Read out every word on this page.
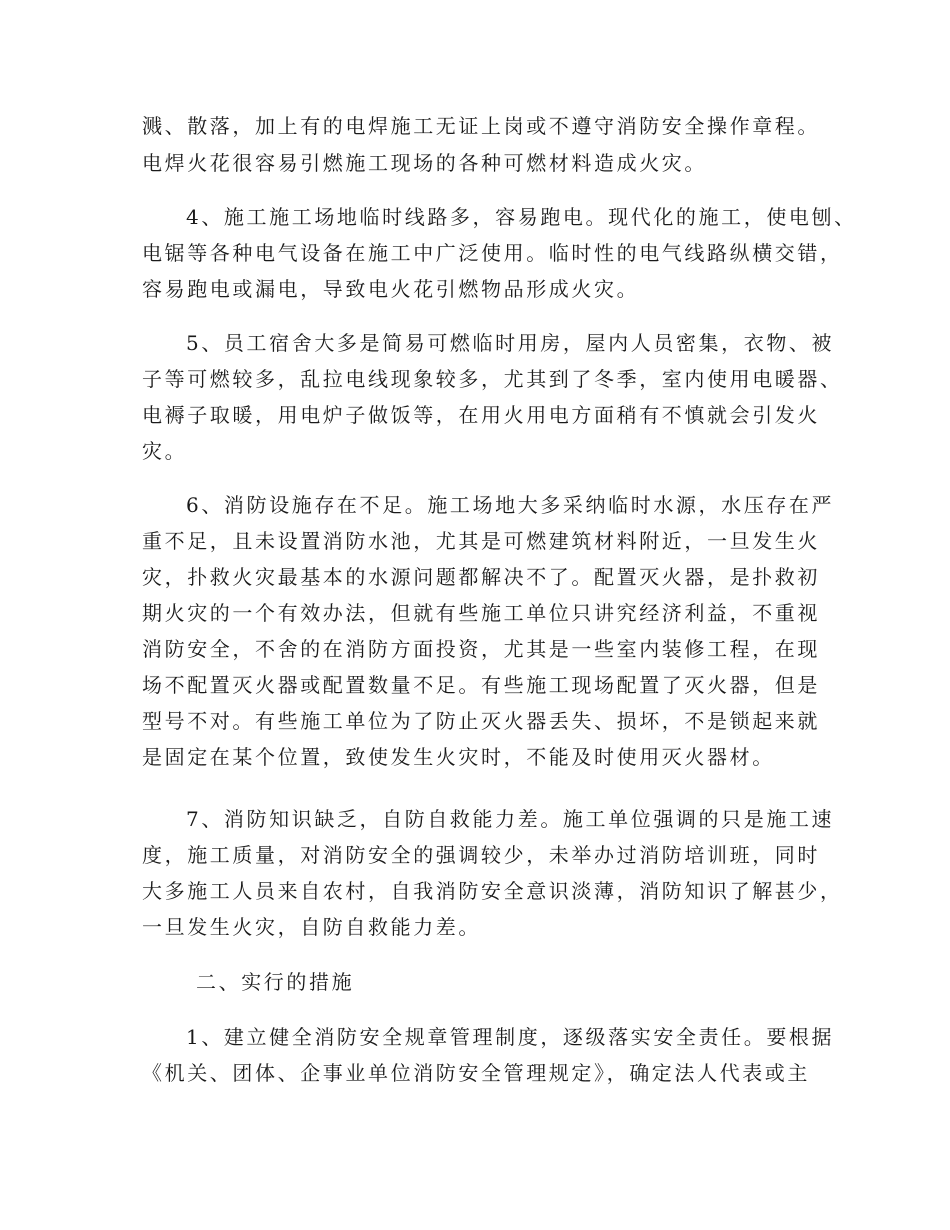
溅、散落，加上有的电焊施工无证上岗或不遵守消防安全操作章程。

电焊火花很容易引燃施工现场的各种可燃材料造成火灾。

4、施工施工场地临时线路多，容易跑电。现代化的施工，使电刨、

电锯等各种电气设备在施工中广泛使用。临时性的电气线路纵横交错，

容易跑电或漏电，导致电火花引燃物品形成火灾。

5、员工宿舍大多是简易可燃临时用房，屋内人员密集，衣物、被

子等可燃较多，乱拉电线现象较多，尤其到了冬季，室内使用电暖器、

电褥子取暖，用电炉子做饭等，在用火用电方面稍有不慎就会引发火

灾。

6、消防设施存在不足。施工场地大多采纳临时水源，水压存在严

重不足，且未设置消防水池，尤其是可燃建筑材料附近，一旦发生火

灾，扑救火灾最基本的水源问题都解决不了。配置灭火器，是扑救初

期火灾的一个有效办法，但就有些施工单位只讲究经济利益，不重视

消防安全，不舍的在消防方面投资，尤其是一些室内装修工程，在现

场不配置灭火器或配置数量不足。有些施工现场配置了灭火器，但是

型号不对。有些施工单位为了防止灭火器丢失、损坏，不是锁起来就

是固定在某个位置，致使发生火灾时，不能及时使用灭火器材。

7、消防知识缺乏，自防自救能力差。施工单位强调的只是施工速

度，施工质量，对消防安全的强调较少，未举办过消防培训班，同时

大多施工人员来自农村，自我消防安全意识淡薄，消防知识了解甚少，

一旦发生火灾，自防自救能力差。

二、实行的措施

1、建立健全消防安全规章管理制度，逐级落实安全责任。要根据

《机关、团体、企事业单位消防安全管理规定》，确定法人代表或主
